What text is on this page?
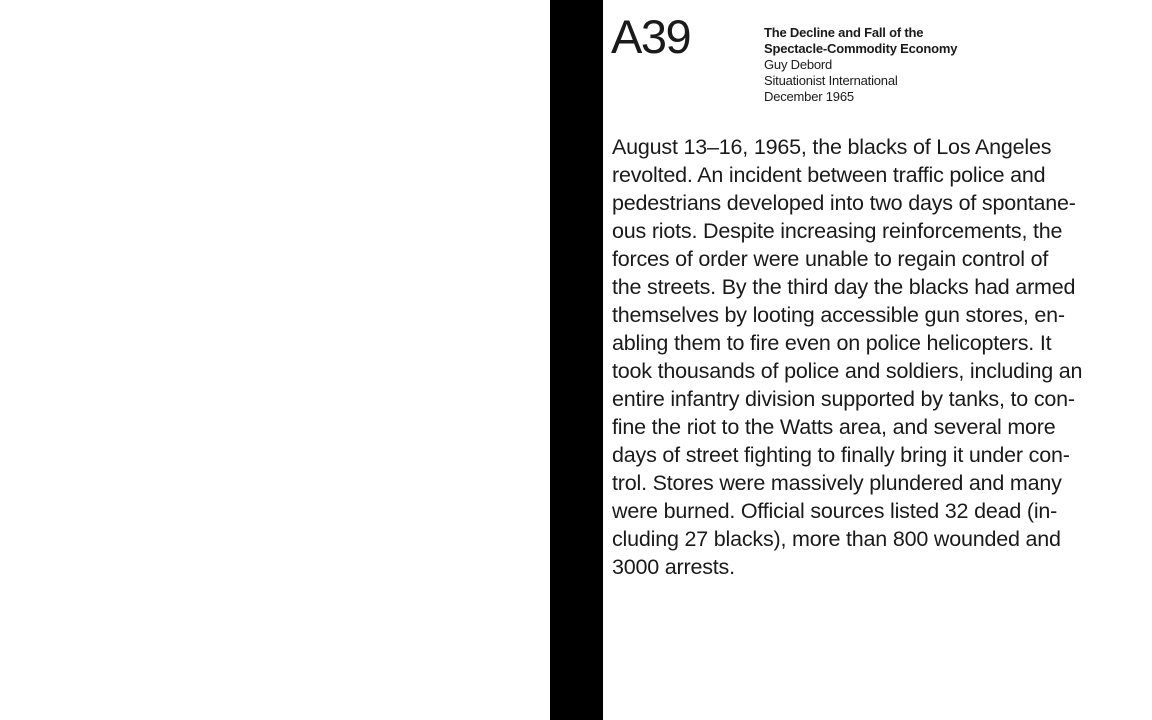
A39	The Decline and Fall of the
Spectacle-Commodity Economy
Guy Debord
Situationist International
December 1965
August 13–16, 1965, the blacks of Los Angeles
revolted. An incident between traffic police and
pedestrians developed into two days of spontane-
ous riots. Despite increasing reinforcements, the
forces of order were unable to regain control of
the streets. By the third day the blacks had armed
themselves by looting accessible gun stores, en-
abling them to fire even on police helicopters. It
took thousands of police and soldiers, including an
entire infantry division supported by tanks, to con-
fine the riot to the Watts area, and several more
days of street fighting to finally bring it under con-
trol. Stores were massively plundered and many
were burned. Official sources listed 32 dead (in-
cluding 27 blacks), more than 800 wounded and
3000 arrests.
